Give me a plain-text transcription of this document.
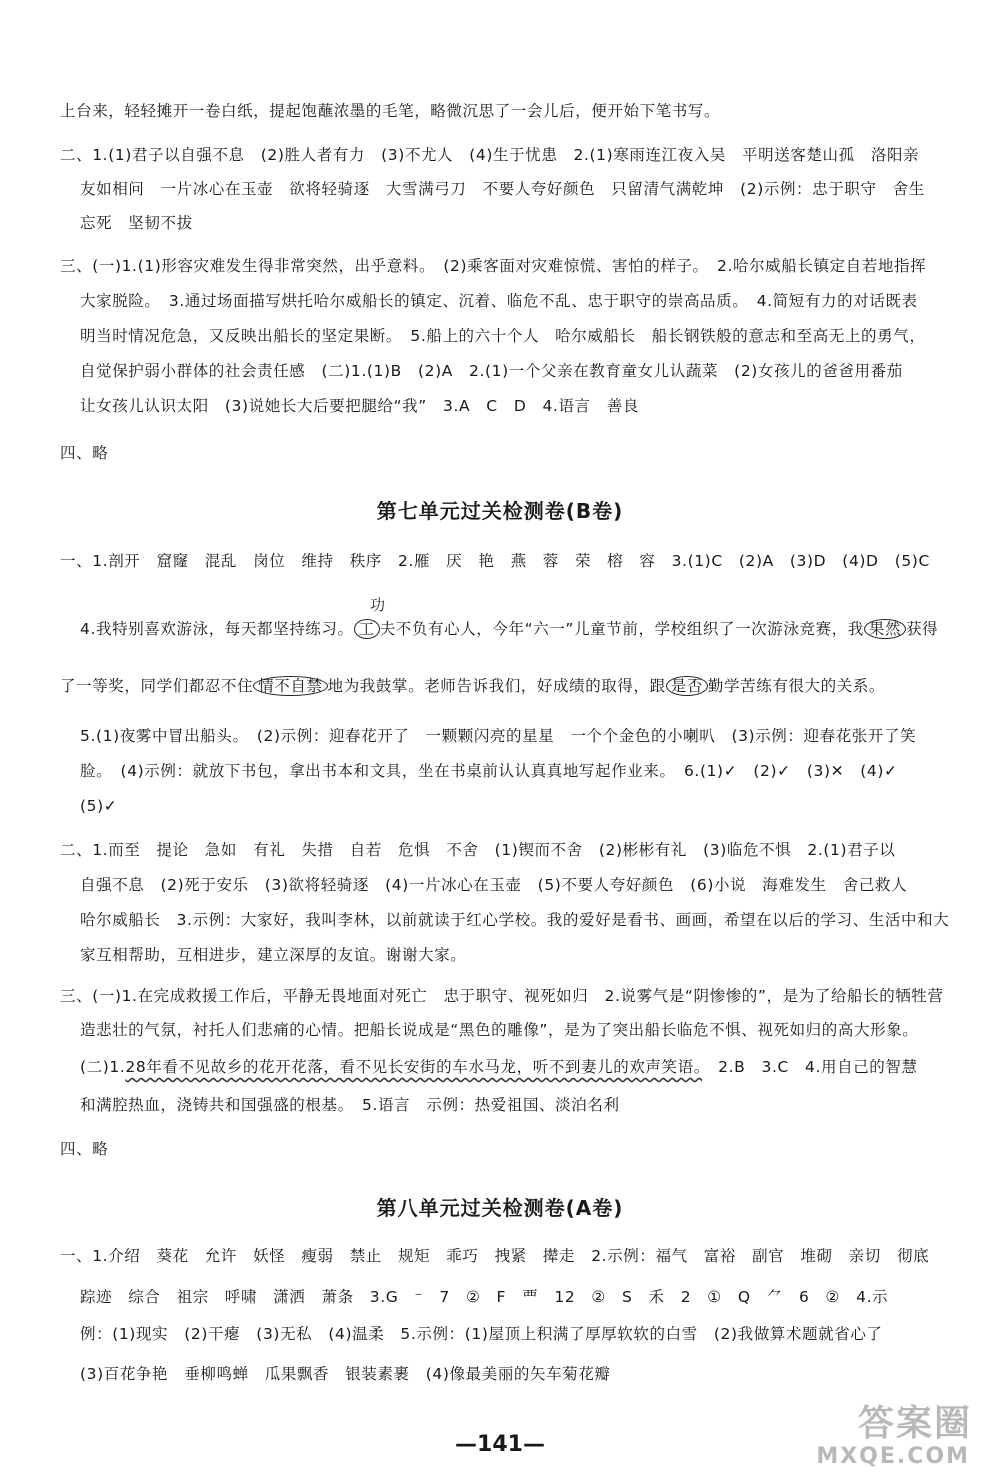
上台来，轻轻摊开一卷白纸，提起饱蘸浓墨的毛笔，略微沉思了一会儿后，便开始下笔书写。
二、1.(1)君子以自强不息　(2)胜人者有力　(3)不尤人　(4)生于忧患　2.(1)寒雨连江夜入吴　平明送客楚山孤　洛阳亲
友如相问　一片冰心在玉壶　欲将轻骑逐　大雪满弓刀　不要人夸好颜色　只留清气满乾坤　(2)示例：忠于职守　舍生
忘死　坚韧不拔
三、(一)1.(1)形容灾难发生得非常突然，出乎意料。　(2)乘客面对灾难惊慌、害怕的样子。　2.哈尔威船长镇定自若地指挥
大家脱险。　3.通过场面描写烘托哈尔威船长的镇定、沉着、临危不乱、忠于职守的崇高品质。　4.简短有力的对话既表
明当时情况危急，又反映出船长的坚定果断。　5.船上的六十个人　哈尔威船长　船长钢铁般的意志和至高无上的勇气，
自觉保护弱小群体的社会责任感　(二)1.(1)B　(2)A　2.(1)一个父亲在教育童女儿认蔬菜　(2)女孩儿的爸爸用番茄
让女孩儿认识太阳　(3)说她长大后要把腿给“我”　3.A　C　D　4.语言　善良
四、略
第七单元过关检测卷(B卷)
一、1.剖开　窟窿　混乱　岗位　维持　秩序　2.雁　厌　艳　燕　蓉　荣　榕　容　3.(1)C　(2)A　(3)D　(4)D　(5)C
4.我特别喜欢游泳，每天都坚持练习。 工 夫不负有心人，今年“六一”儿童节前，学校组织了一次游泳竞赛，我 果然 获得
功
了一等奖，同学们都忍不住 情不自禁 地为我鼓掌。老师告诉我们，好成绩的取得，跟 是否 勤学苦练有很大的关系。
5.(1)夜雾中冒出船头。　(2)示例：迎春花开了　一颗颗闪亮的星星　一个个金色的小喇叭　(3)示例：迎春花张开了笑
脸。　(4)示例：就放下书包，拿出书本和文具，坐在书桌前认认真真地写起作业来。　6.(1)✓　(2)✓　(3)✕　(4)✓
(5)✓
二、1.而至　提论　急如　有礼　失措　自若　危惧　不舍　(1)锲而不舍　(2)彬彬有礼　(3)临危不惧　2.(1)君子以
自强不息　(2)死于安乐　(3)欲将轻骑逐　(4)一片冰心在玉壶　(5)不要人夸好颜色　(6)小说　海难发生　舍己救人
哈尔威船长　3.示例：大家好，我叫李林，以前就读于红心学校。我的爱好是看书、画画，希望在以后的学习、生活中和大
家互相帮助，互相进步，建立深厚的友谊。谢谢大家。
三、(一)1.在完成救援工作后，平静无畏地面对死亡　忠于职守、视死如归　2.说雾气是“阴惨惨的”，是为了给船长的牺牲营
造悲壮的气氛，衬托人们悲痛的心情。把船长说成是“黑色的雕像”，是为了突出船长临危不惧、视死如归的高大形象。
(二)1.28年看不见故乡的花开花落，看不见长安街的车水马龙，听不到妻儿的欢声笑语。　2.B　3.C　4.用自己的智慧
和满腔热血，浇铸共和国强盛的根基。　5.语言　示例：热爱祖国、淡泊名利
四、略
第八单元过关检测卷(A卷)
一、1.介绍　葵花　允许　妖怪　瘦弱　禁止　规矩　乖巧　拽紧　撵走　2.示例：福气　富裕　副官　堆砌　亲切　彻底
踪迹　综合　祖宗　呼啸　潇洒　萧条　3.G　⁻　7　②　F　覀　12　②　S　禾　2　①　Q　⺈　6　②　4.示
例：(1)现实　(2)干瘪　(3)无私　(4)温柔　5.示例：(1)屋顶上积满了厚厚软软的白雪　(2)我做算术题就省心了
(3)百花争艳　垂柳鸣蝉　瓜果飘香　银装素裹　(4)像最美丽的矢车菊花瓣
—141—
答案圈
MXQE.COM
